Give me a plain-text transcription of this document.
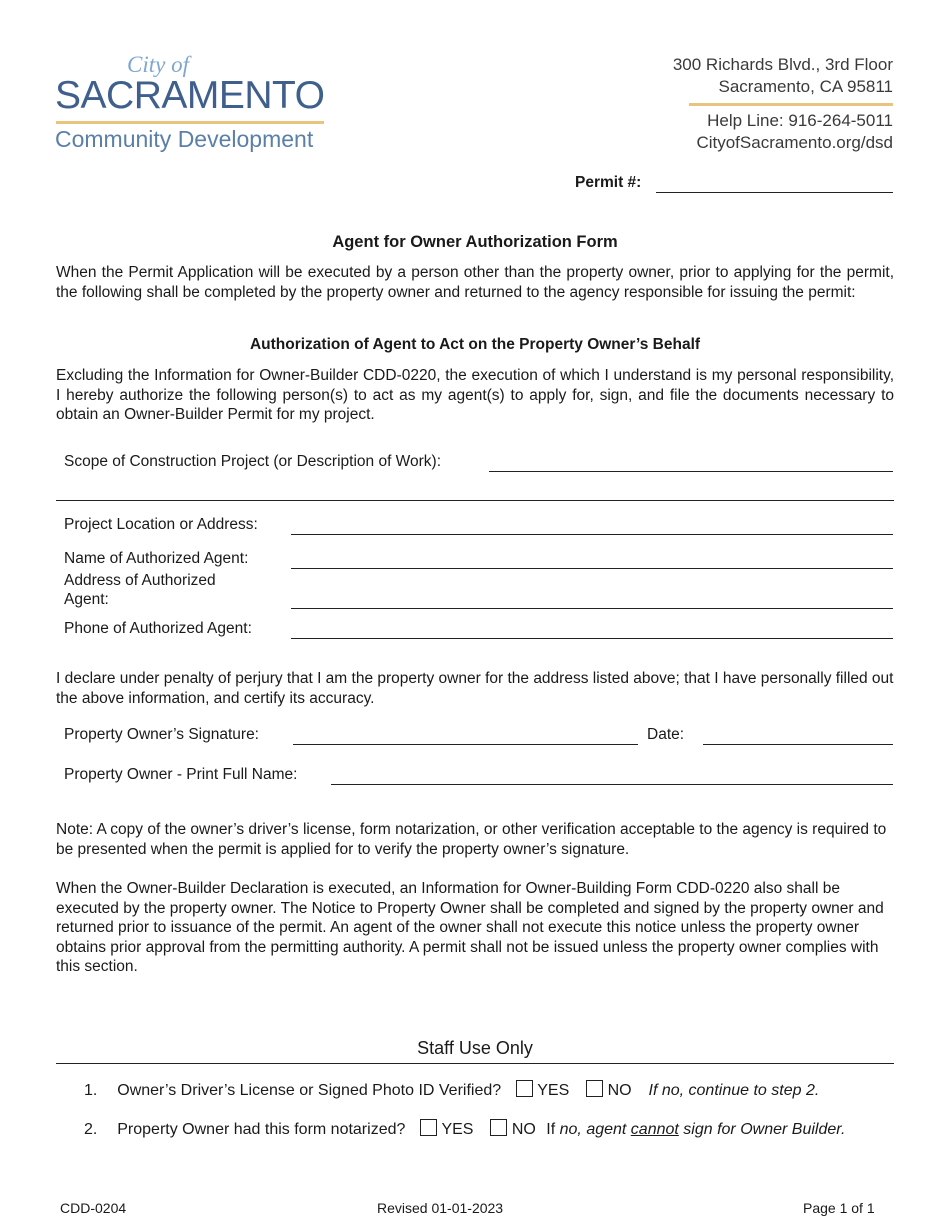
City of
SACRAMENTO
Community Development
300 Richards Blvd., 3rd Floor
Sacramento, CA 95811
Help Line: 916-264-5011
CityofSacramento.org/dsd
Permit #:
Agent for Owner Authorization Form
When the Permit Application will be executed by a person other than the property owner, prior to applying for the permit, the following shall be completed by the property owner and returned to the agency responsible for issuing the permit:
Authorization of Agent to Act on the Property Owner’s Behalf
Excluding the Information for Owner-Builder CDD-0220, the execution of which I understand is my personal responsibility, I hereby authorize the following person(s) to act as my agent(s) to apply for, sign, and file the documents necessary to obtain an Owner-Builder Permit for my project.
Scope of Construction Project (or Description of Work):
Project Location or Address:
Name of Authorized Agent:
Address of Authorized
Agent:
Phone of Authorized Agent:
I declare under penalty of perjury that I am the property owner for the address listed above; that I have personally filled out the above information, and certify its accuracy.
Property Owner’s Signature:	Date:
Property Owner - Print Full Name:
Note: A copy of the owner’s driver’s license, form notarization, or other verification acceptable to the agency is required to be presented when the permit is applied for to verify the property owner’s signature.
When the Owner-Builder Declaration is executed, an Information for Owner-Building Form CDD-0220 also shall be executed by the property owner. The Notice to Property Owner shall be completed and signed by the property owner and returned prior to issuance of the permit. An agent of the owner shall not execute this notice unless the property owner obtains prior approval from the permitting authority. A permit shall not be issued unless the property owner complies with this section.
Staff Use Only
1. Owner’s Driver’s License or Signed Photo ID Verified? YES NO If no, continue to step 2.
2. Property Owner had this form notarized? YES NO If no, agent cannot sign for Owner Builder.
CDD-0204	Revised 01-01-2023	Page 1 of 1
